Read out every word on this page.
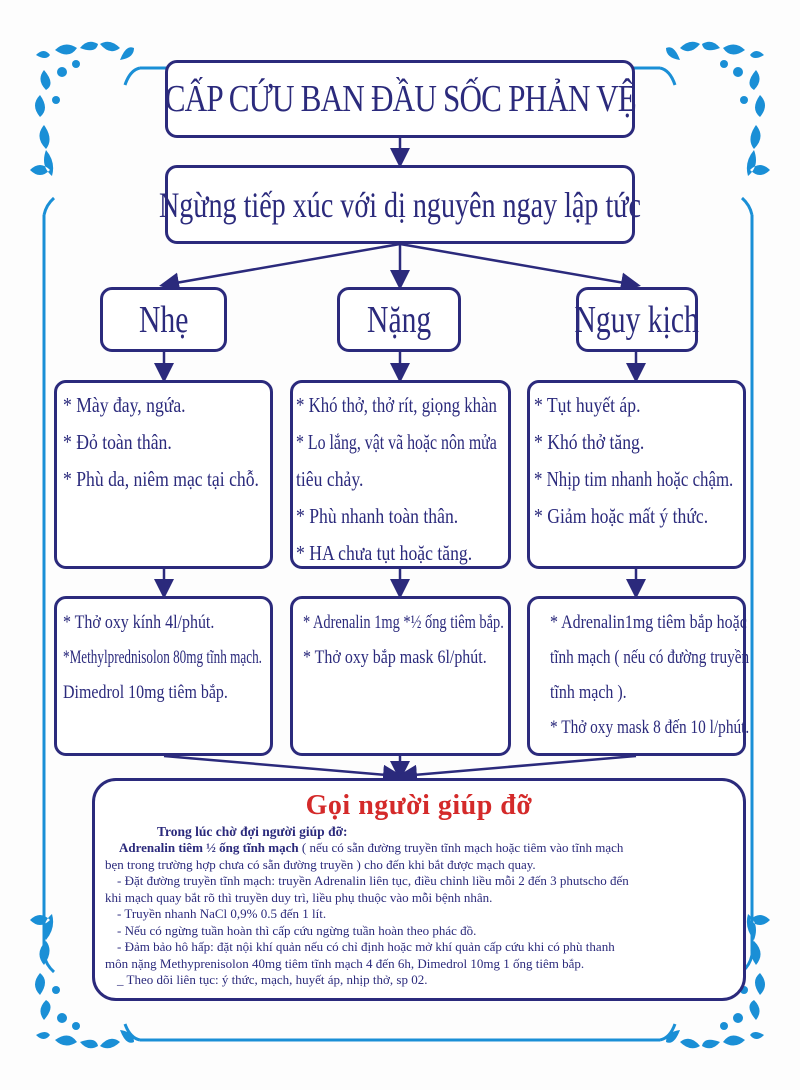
CẤP CỨU BAN ĐẦU SỐC PHẢN VỆ
Ngừng tiếp xúc với dị nguyên ngay lập tức
Nhẹ	Nặng	Nguy kịch
* Mày đay, ngứa.
* Đỏ toàn thân.
* Phù da, niêm mạc tại chỗ.
* Khó thở, thở rít, giọng khàn
* Lo lắng, vật vã hoặc nôn mửa
tiêu chảy.
* Phù nhanh toàn thân.
* HA chưa tụt hoặc tăng.
* Tụt huyết áp.
* Khó thở tăng.
* Nhịp tim nhanh hoặc chậm.
* Giảm hoặc mất ý thức.
* Thở oxy kính 4l/phút.
*Methylprednisolon 80mg tĩnh mạch.
Dimedrol 10mg tiêm bắp.
* Adrenalin 1mg *½ ống tiêm bắp.
* Thở oxy bắp mask 6l/phút.
* Adrenalin1mg tiêm bắp hoặc
tĩnh mạch ( nếu có đường truyền
tĩnh mạch ).
* Thở oxy mask 8 đến 10 l/phút.
Gọi người giúp đỡ
Trong lúc chờ đợi người giúp đỡ:
Adrenalin tiêm ½ ống tĩnh mạch ( nếu có sẵn đường truyền tĩnh mạch hoặc tiêm vào tĩnh mạch
bẹn trong trường hợp chưa có sẵn đường truyền ) cho đến khi bắt được mạch quay.
- Đặt đường truyền tĩnh mạch: truyền Adrenalin liên tục, điều chỉnh liều mỗi 2 đến 3 phutscho đến
khi mạch quay bắt rõ thì truyền duy trì, liều phụ thuộc vào mỗi bệnh nhân.
- Truyền nhanh NaCl 0,9% 0.5 đến 1 lít.
- Nếu có ngừng tuần hoàn thì cấp cứu ngừng tuần hoàn theo phác đồ.
- Đảm bảo hô hấp: đặt nội khí quản nếu có chỉ định hoặc mở khí quản cấp cứu khi có phù thanh
môn nặng Methyprenisolon 40mg tiêm tĩnh mạch 4 đến 6h, Dimedrol 10mg 1 ống tiêm bắp.
_ Theo dõi liên tục: ý thức, mạch, huyết áp, nhịp thở, sp 02.
